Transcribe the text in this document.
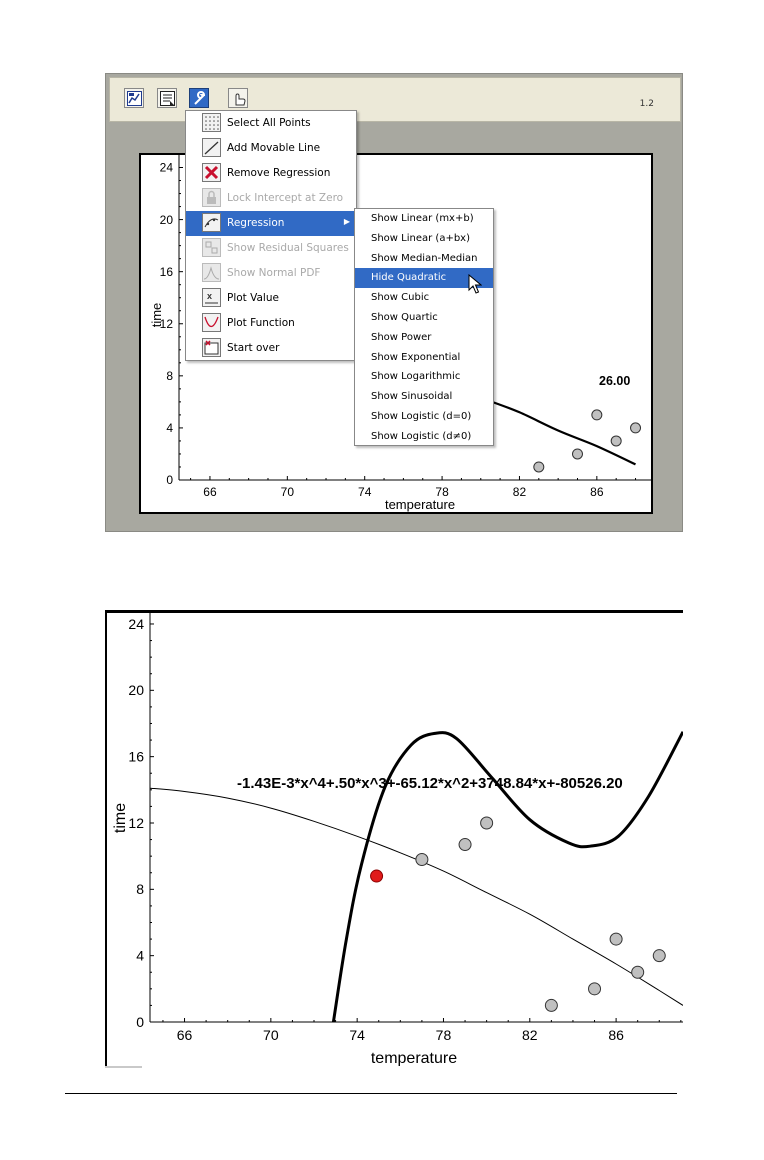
1.2
66	70	74	78	82	86
0
4
8
12
16
20
24
temperature
time
26.00
Select All Points
Add Movable Line
Remove Regression
Lock Intercept at Zero
Regression	▶
Show Residual Squares
Show Normal PDF
x Plot Value
Plot Function
Start over
Show Linear (mx+b)
Show Linear (a+bx)
Show Median-Median
Hide Quadratic
Show Cubic
Show Quartic
Show Power
Show Exponential
Show Logarithmic
Show Sinusoidal
Show Logistic (d=0)
Show Logistic (d≠0)
66	70	74	78	82	86
0
4
8
12
16
20
24
temperature
time
-1.43E-3*x^4+.50*x^3+-65.12*x^2+3748.84*x+-80526.20
